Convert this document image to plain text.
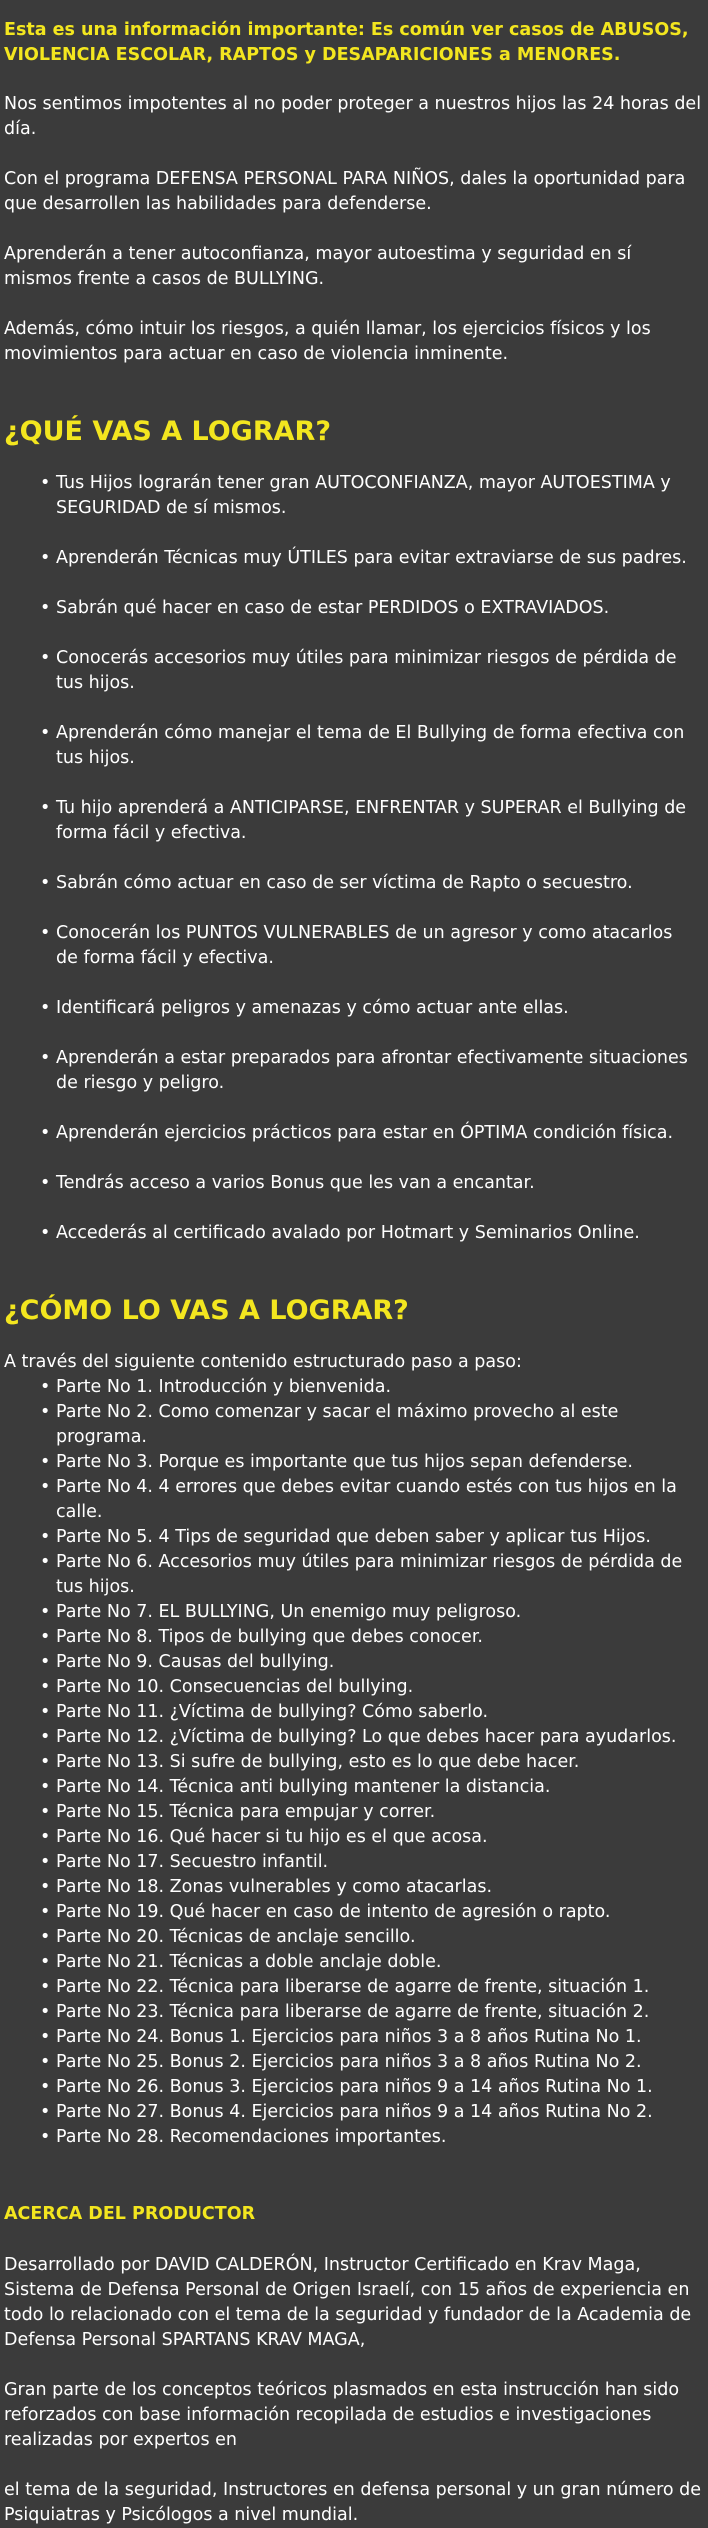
Esta es una información importante: Es común ver casos de ABUSOS, VIOLENCIA ESCOLAR, RAPTOS y DESAPARICIONES a MENORES.

Nos sentimos impotentes al no poder proteger a nuestros hijos las 24 horas del día.

Con el programa DEFENSA PERSONAL PARA NIÑOS, dales la oportunidad para que desarrollen las habilidades para defenderse.

Aprenderán a tener autoconfianza, mayor autoestima y seguridad en sí mismos frente a casos de BULLYING.

Además, cómo intuir los riesgos, a quién llamar, los ejercicios físicos y los movimientos para actuar en caso de violencia inminente.

¿QUÉ VAS A LOGRAR?
• Tus Hijos lograrán tener gran AUTOCONFIANZA, mayor AUTOESTIMA y SEGURIDAD de sí mismos.
• Aprenderán Técnicas muy ÚTILES para evitar extraviarse de sus padres.
• Sabrán qué hacer en caso de estar PERDIDOS o EXTRAVIADOS.
• Conocerás accesorios muy útiles para minimizar riesgos de pérdida de tus hijos.
• Aprenderán cómo manejar el tema de El Bullying de forma efectiva con tus hijos.
• Tu hijo aprenderá a ANTICIPARSE, ENFRENTAR y SUPERAR el Bullying de forma fácil y efectiva.
• Sabrán cómo actuar en caso de ser víctima de Rapto o secuestro.
• Conocerán los PUNTOS VULNERABLES de un agresor y como atacarlos de forma fácil y efectiva.
• Identificará peligros y amenazas y cómo actuar ante ellas.
• Aprenderán a estar preparados para afrontar efectivamente situaciones de riesgo y peligro.
• Aprenderán ejercicios prácticos para estar en ÓPTIMA condición física.
• Tendrás acceso a varios Bonus que les van a encantar.
• Accederás al certificado avalado por Hotmart y Seminarios Online.
¿CÓMO LO VAS A LOGRAR?

A través del siguiente contenido estructurado paso a paso:

• Parte No 1. Introducción y bienvenida.
• Parte No 2. Como comenzar y sacar el máximo provecho al este programa.
• Parte No 3. Porque es importante que tus hijos sepan defenderse.
• Parte No 4. 4 errores que debes evitar cuando estés con tus hijos en la calle.
• Parte No 5. 4 Tips de seguridad que deben saber y aplicar tus Hijos.
• Parte No 6. Accesorios muy útiles para minimizar riesgos de pérdida de tus hijos.
• Parte No 7. EL BULLYING, Un enemigo muy peligroso.
• Parte No 8. Tipos de bullying que debes conocer.
• Parte No 9. Causas del bullying.
• Parte No 10. Consecuencias del bullying.
• Parte No 11. ¿Víctima de bullying? Cómo saberlo.
• Parte No 12. ¿Víctima de bullying? Lo que debes hacer para ayudarlos.
• Parte No 13. Si sufre de bullying, esto es lo que debe hacer.
• Parte No 14. Técnica anti bullying mantener la distancia.
• Parte No 15. Técnica para empujar y correr.
• Parte No 16. Qué hacer si tu hijo es el que acosa.
• Parte No 17. Secuestro infantil.
• Parte No 18. Zonas vulnerables y como atacarlas.
• Parte No 19. Qué hacer en caso de intento de agresión o rapto.
• Parte No 20. Técnicas de anclaje sencillo.
• Parte No 21. Técnicas a doble anclaje doble.
• Parte No 22. Técnica para liberarse de agarre de frente, situación 1.
• Parte No 23. Técnica para liberarse de agarre de frente, situación 2.
• Parte No 24. Bonus 1. Ejercicios para niños 3 a 8 años Rutina No 1.
• Parte No 25. Bonus 2. Ejercicios para niños 3 a 8 años Rutina No 2.
• Parte No 26. Bonus 3. Ejercicios para niños 9 a 14 años Rutina No 1.
• Parte No 27. Bonus 4. Ejercicios para niños 9 a 14 años Rutina No 2.
• Parte No 28. Recomendaciones importantes.

ACERCA DEL PRODUCTOR

Desarrollado por DAVID CALDERÓN, Instructor Certificado en Krav Maga, Sistema de Defensa Personal de Origen Israelí, con 15 años de experiencia en todo lo relacionado con el tema de la seguridad y fundador de la Academia de Defensa Personal SPARTANS KRAV MAGA,

Gran parte de los conceptos teóricos plasmados en esta instrucción han sido reforzados con base información recopilada de estudios e investigaciones realizadas por expertos en

el tema de la seguridad, Instructores en defensa personal y un gran número de Psiquiatras y Psicólogos a nivel mundial.
